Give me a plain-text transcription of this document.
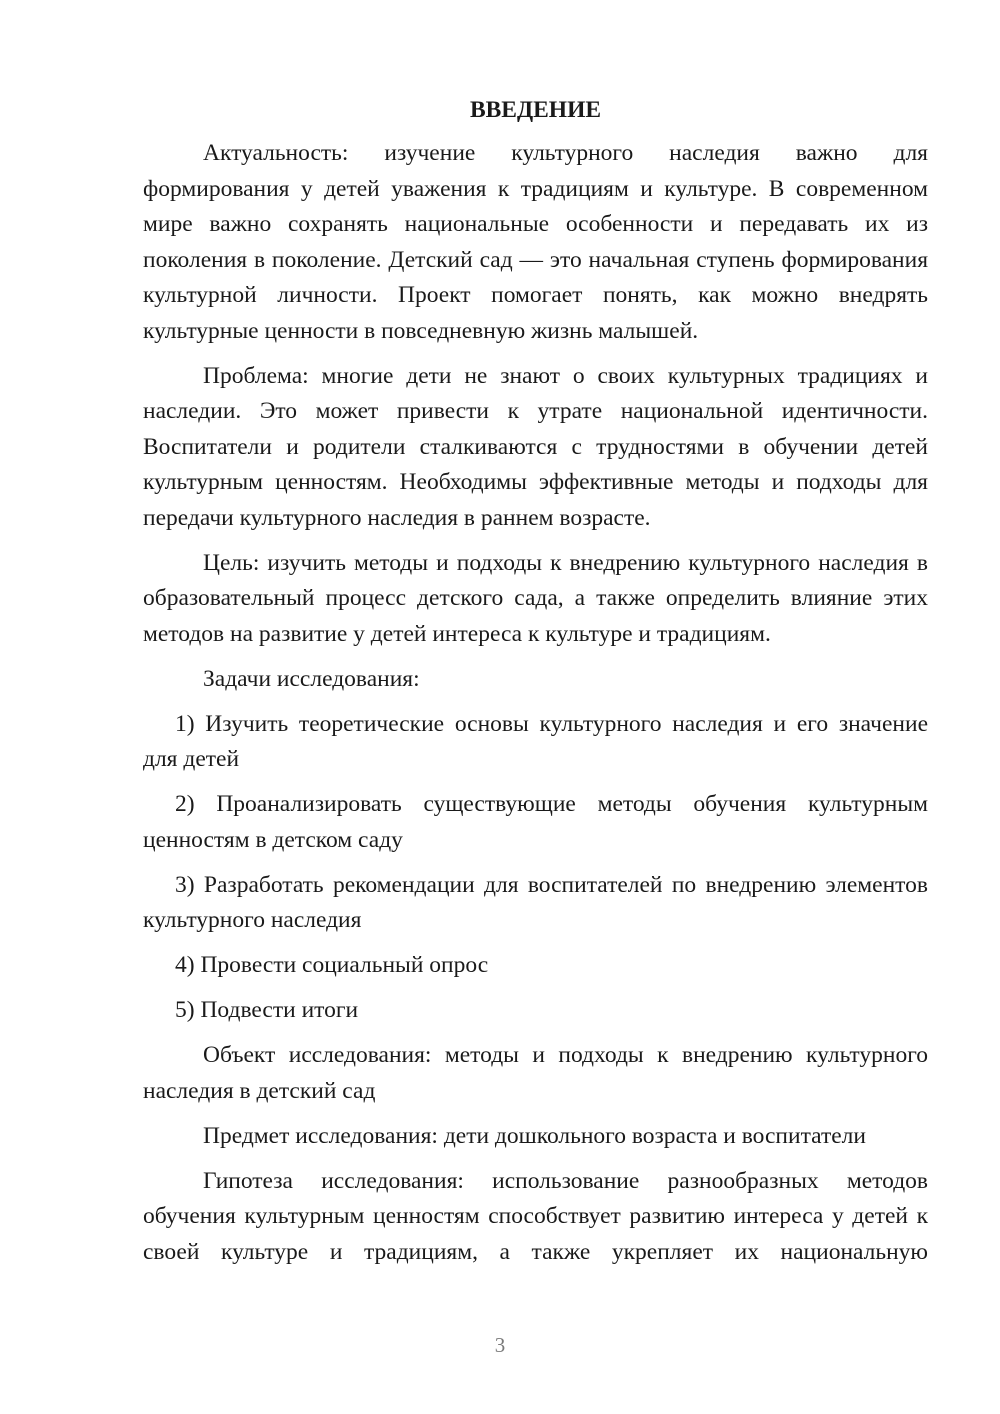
ВВЕДЕНИЕ

Актуальность: изучение культурного наследия важно для формирования у детей уважения к традициям и культуре. В современном мире важно сохранять национальные особенности и передавать их из поколения в поколение. Детский сад — это начальная ступень формирования культурной личности. Проект помогает понять, как можно внедрять культурные ценности в повседневную жизнь малышей.

Проблема: многие дети не знают о своих культурных традициях и наследии. Это может привести к утрате национальной идентичности. Воспитатели и родители сталкиваются с трудностями в обучении детей культурным ценностям. Необходимы эффективные методы и подходы для передачи культурного наследия в раннем возрасте.

Цель: изучить методы и подходы к внедрению культурного наследия в образовательный процесс детского сада, а также определить влияние этих методов на развитие у детей интереса к культуре и традициям.

Задачи исследования:

1) Изучить теоретические основы культурного наследия и его значение для детей

2) Проанализировать существующие методы обучения культурным ценностям в детском саду

3) Разработать рекомендации для воспитателей по внедрению элементов культурного наследия

4) Провести социальный опрос

5) Подвести итоги

Объект исследования: методы и подходы к внедрению культурного наследия в детский сад

Предмет исследования: дети дошкольного возраста и воспитатели

Гипотеза исследования: использование разнообразных методов обучения культурным ценностям способствует развитию интереса у детей к своей культуре и традициям, а также укрепляет их национальную

3
